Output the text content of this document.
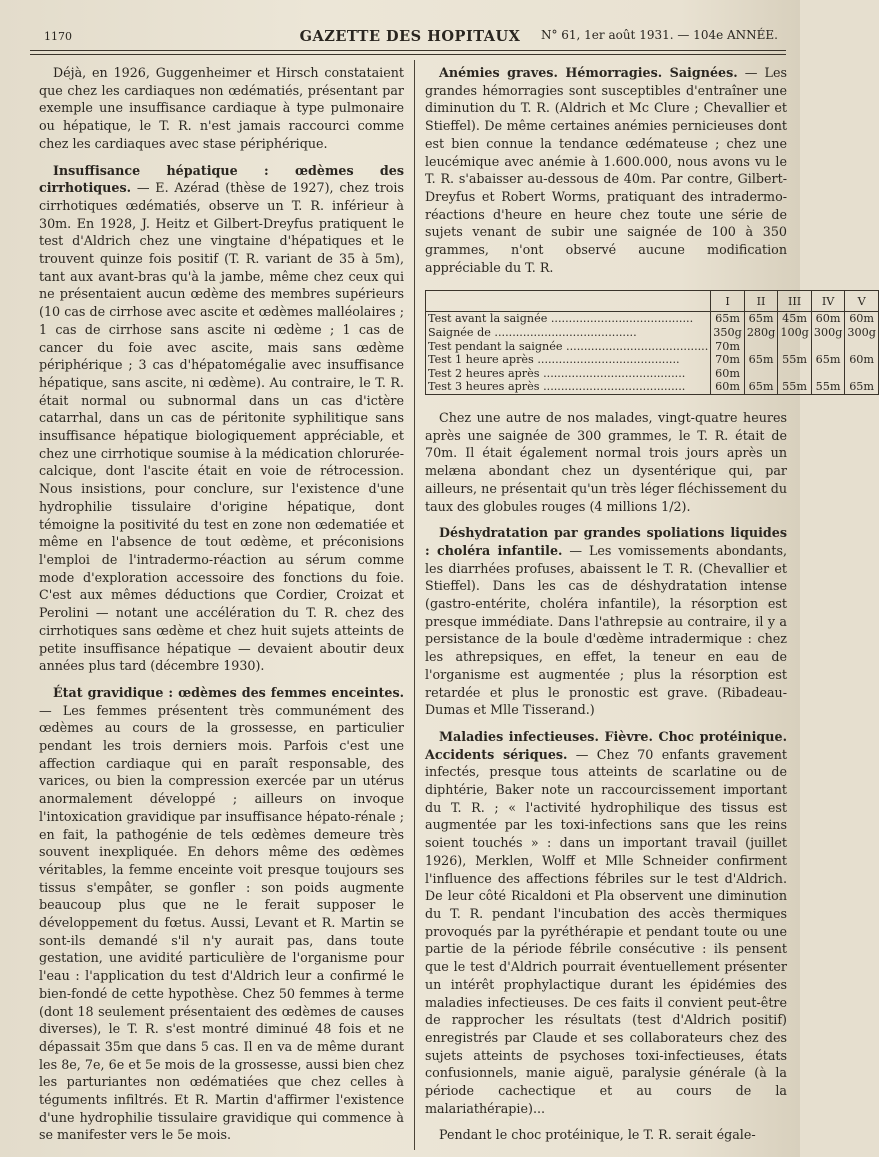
1170	GAZETTE DES HOPITAUX	N° 61, 1er août 1931. — 104e ANNÉE.

Déjà, en 1926, Guggenheimer et Hirsch constataient que chez les cardiaques non œdématiés, présentant par exemple une insuffisance cardiaque à type pulmonaire ou hépatique, le T. R. n'est jamais raccourci comme chez les cardiaques avec stase périphérique.

Insuffisance hépatique : œdèmes des cirrhotiques. — E. Azérad (thèse de 1927), chez trois cirrhotiques œdématiés, observe un T. R. inférieur à 30m. En 1928, J. Heitz et Gilbert-Dreyfus pratiquent le test d'Aldrich chez une vingtaine d'hépatiques et le trouvent quinze fois positif (T. R. variant de 35 à 5m), tant aux avant-bras qu'à la jambe, même chez ceux qui ne présentaient aucun œdème des membres supérieurs (10 cas de cirrhose avec ascite et œdèmes malléolaires ; 1 cas de cirrhose sans ascite ni œdème ; 1 cas de cancer du foie avec ascite, mais sans œdème périphérique ; 3 cas d'hépatomégalie avec insuffisance hépatique, sans ascite, ni œdème). Au contraire, le T. R. était normal ou subnormal dans un cas d'ictère catarrhal, dans un cas de péritonite syphilitique sans insuffisance hépatique biologiquement appréciable, et chez une cirrhotique soumise à la médication chlorurée-calcique, dont l'ascite était en voie de rétrocession. Nous insistions, pour conclure, sur l'existence d'une hydrophilie tissulaire d'origine hépatique, dont témoigne la positivité du test en zone non œdematiée et même en l'absence de tout œdème, et préconisions l'emploi de l'intradermo-réaction au sérum comme mode d'exploration accessoire des fonctions du foie. C'est aux mêmes déductions que Cordier, Croizat et Perolini — notant une accélération du T. R. chez des cirrhotiques sans œdème et chez huit sujets atteints de petite insuffisance hépatique — devaient aboutir deux années plus tard (décembre 1930).

État gravidique : œdèmes des femmes enceintes. — Les femmes présentent très communément des œdèmes au cours de la grossesse, en particulier pendant les trois derniers mois. Parfois c'est une affection cardiaque qui en paraît responsable, des varices, ou bien la compression exercée par un utérus anormalement développé ; ailleurs on invoque l'intoxication gravidique par insuffisance hépato-rénale ; en fait, la pathogénie de tels œdèmes demeure très souvent inexpliquée. En dehors même des œdèmes véritables, la femme enceinte voit presque toujours ses tissus s'empâter, se gonfler : son poids augmente beaucoup plus que ne le ferait supposer le développement du fœtus. Aussi, Levant et R. Martin se sont-ils demandé s'il n'y aurait pas, dans toute gestation, une avidité particulière de l'organisme pour l'eau : l'application du test d'Aldrich leur a confirmé le bien-fondé de cette hypothèse. Chez 50 femmes à terme (dont 18 seulement présentaient des œdèmes de causes diverses), le T. R. s'est montré diminué 48 fois et ne dépassait 35m que dans 5 cas. Il en va de même durant les 8e, 7e, 6e et 5e mois de la grossesse, aussi bien chez les parturiantes non œdématiées que chez celles à téguments infiltrés. Et R. Martin d'affirmer l'existence d'une hydrophilie tissulaire gravidique qui commence à se manifester vers le 5e mois.

Anémies graves. Hémorragies. Saignées. — Les grandes hémorragies sont susceptibles d'entraîner une diminution du T. R. (Aldrich et Mc Clure ; Chevallier et Stieffel). De même certaines anémies pernicieuses dont est bien connue la tendance œdémateuse ; chez une leucémique avec anémie à 1.600.000, nous avons vu le T. R. s'abaisser au-dessous de 40m. Par contre, Gilbert-Dreyfus et Robert Worms, pratiquant des intradermo-réactions d'heure en heure chez toute une série de sujets venant de subir une saignée de 100 à 350 grammes, n'ont observé aucune modification appréciable du T. R.

	I	II	III	IV	V
Test avant la saignée ........................................	65m	65m	45m	60m	60m
Saignée de ........................................	350g	280g	100g	300g	300g
Test pendant la saignée ........................................	70m				
Test 1 heure après ........................................	70m	65m	55m	65m	60m
Test 2 heures après ........................................	60m				
Test 3 heures après ........................................	60m	65m	55m	55m	65m

Chez une autre de nos malades, vingt-quatre heures après une saignée de 300 grammes, le T. R. était de 70m. Il était également normal trois jours après un melæna abondant chez un dysentérique qui, par ailleurs, ne présentait qu'un très léger fléchissement du taux des globules rouges (4 millions 1/2).

Déshydratation par grandes spoliations liquides : choléra infantile. — Les vomissements abondants, les diarrhées profuses, abaissent le T. R. (Chevallier et Stieffel). Dans les cas de déshydratation intense (gastro-entérite, choléra infantile), la résorption est presque immédiate. Dans l'athrepsie au contraire, il y a persistance de la boule d'œdème intradermique : chez les athrepsiques, en effet, la teneur en eau de l'organisme est augmentée ; plus la résorption est retardée et plus le pronostic est grave. (Ribadeau-Dumas et Mlle Tisserand.)

Maladies infectieuses. Fièvre. Choc protéinique. Accidents sériques. — Chez 70 enfants gravement infectés, presque tous atteints de scarlatine ou de diphtérie, Baker note un raccourcissement important du T. R. ; « l'activité hydrophilique des tissus est augmentée par les toxi-infections sans que les reins soient touchés » : dans un important travail (juillet 1926), Merklen, Wolff et Mlle Schneider confirment l'influence des affections fébriles sur le test d'Aldrich. De leur côté Ricaldoni et Pla observent une diminution du T. R. pendant l'incubation des accès thermiques provoqués par la pyréthérapie et pendant toute ou une partie de la période fébrile consécutive : ils pensent que le test d'Aldrich pourrait éventuellement présenter un intérêt prophylactique durant les épidémies des maladies infectieuses. De ces faits il convient peut-être de rapprocher les résultats (test d'Aldrich positif) enregistrés par Claude et ses collaborateurs chez des sujets atteints de psychoses toxi-infectieuses, états confusionnels, manie aiguë, paralysie générale (à la période cachectique et au cours de la malariathérapie)...

Pendant le choc protéinique, le T. R. serait égale-
